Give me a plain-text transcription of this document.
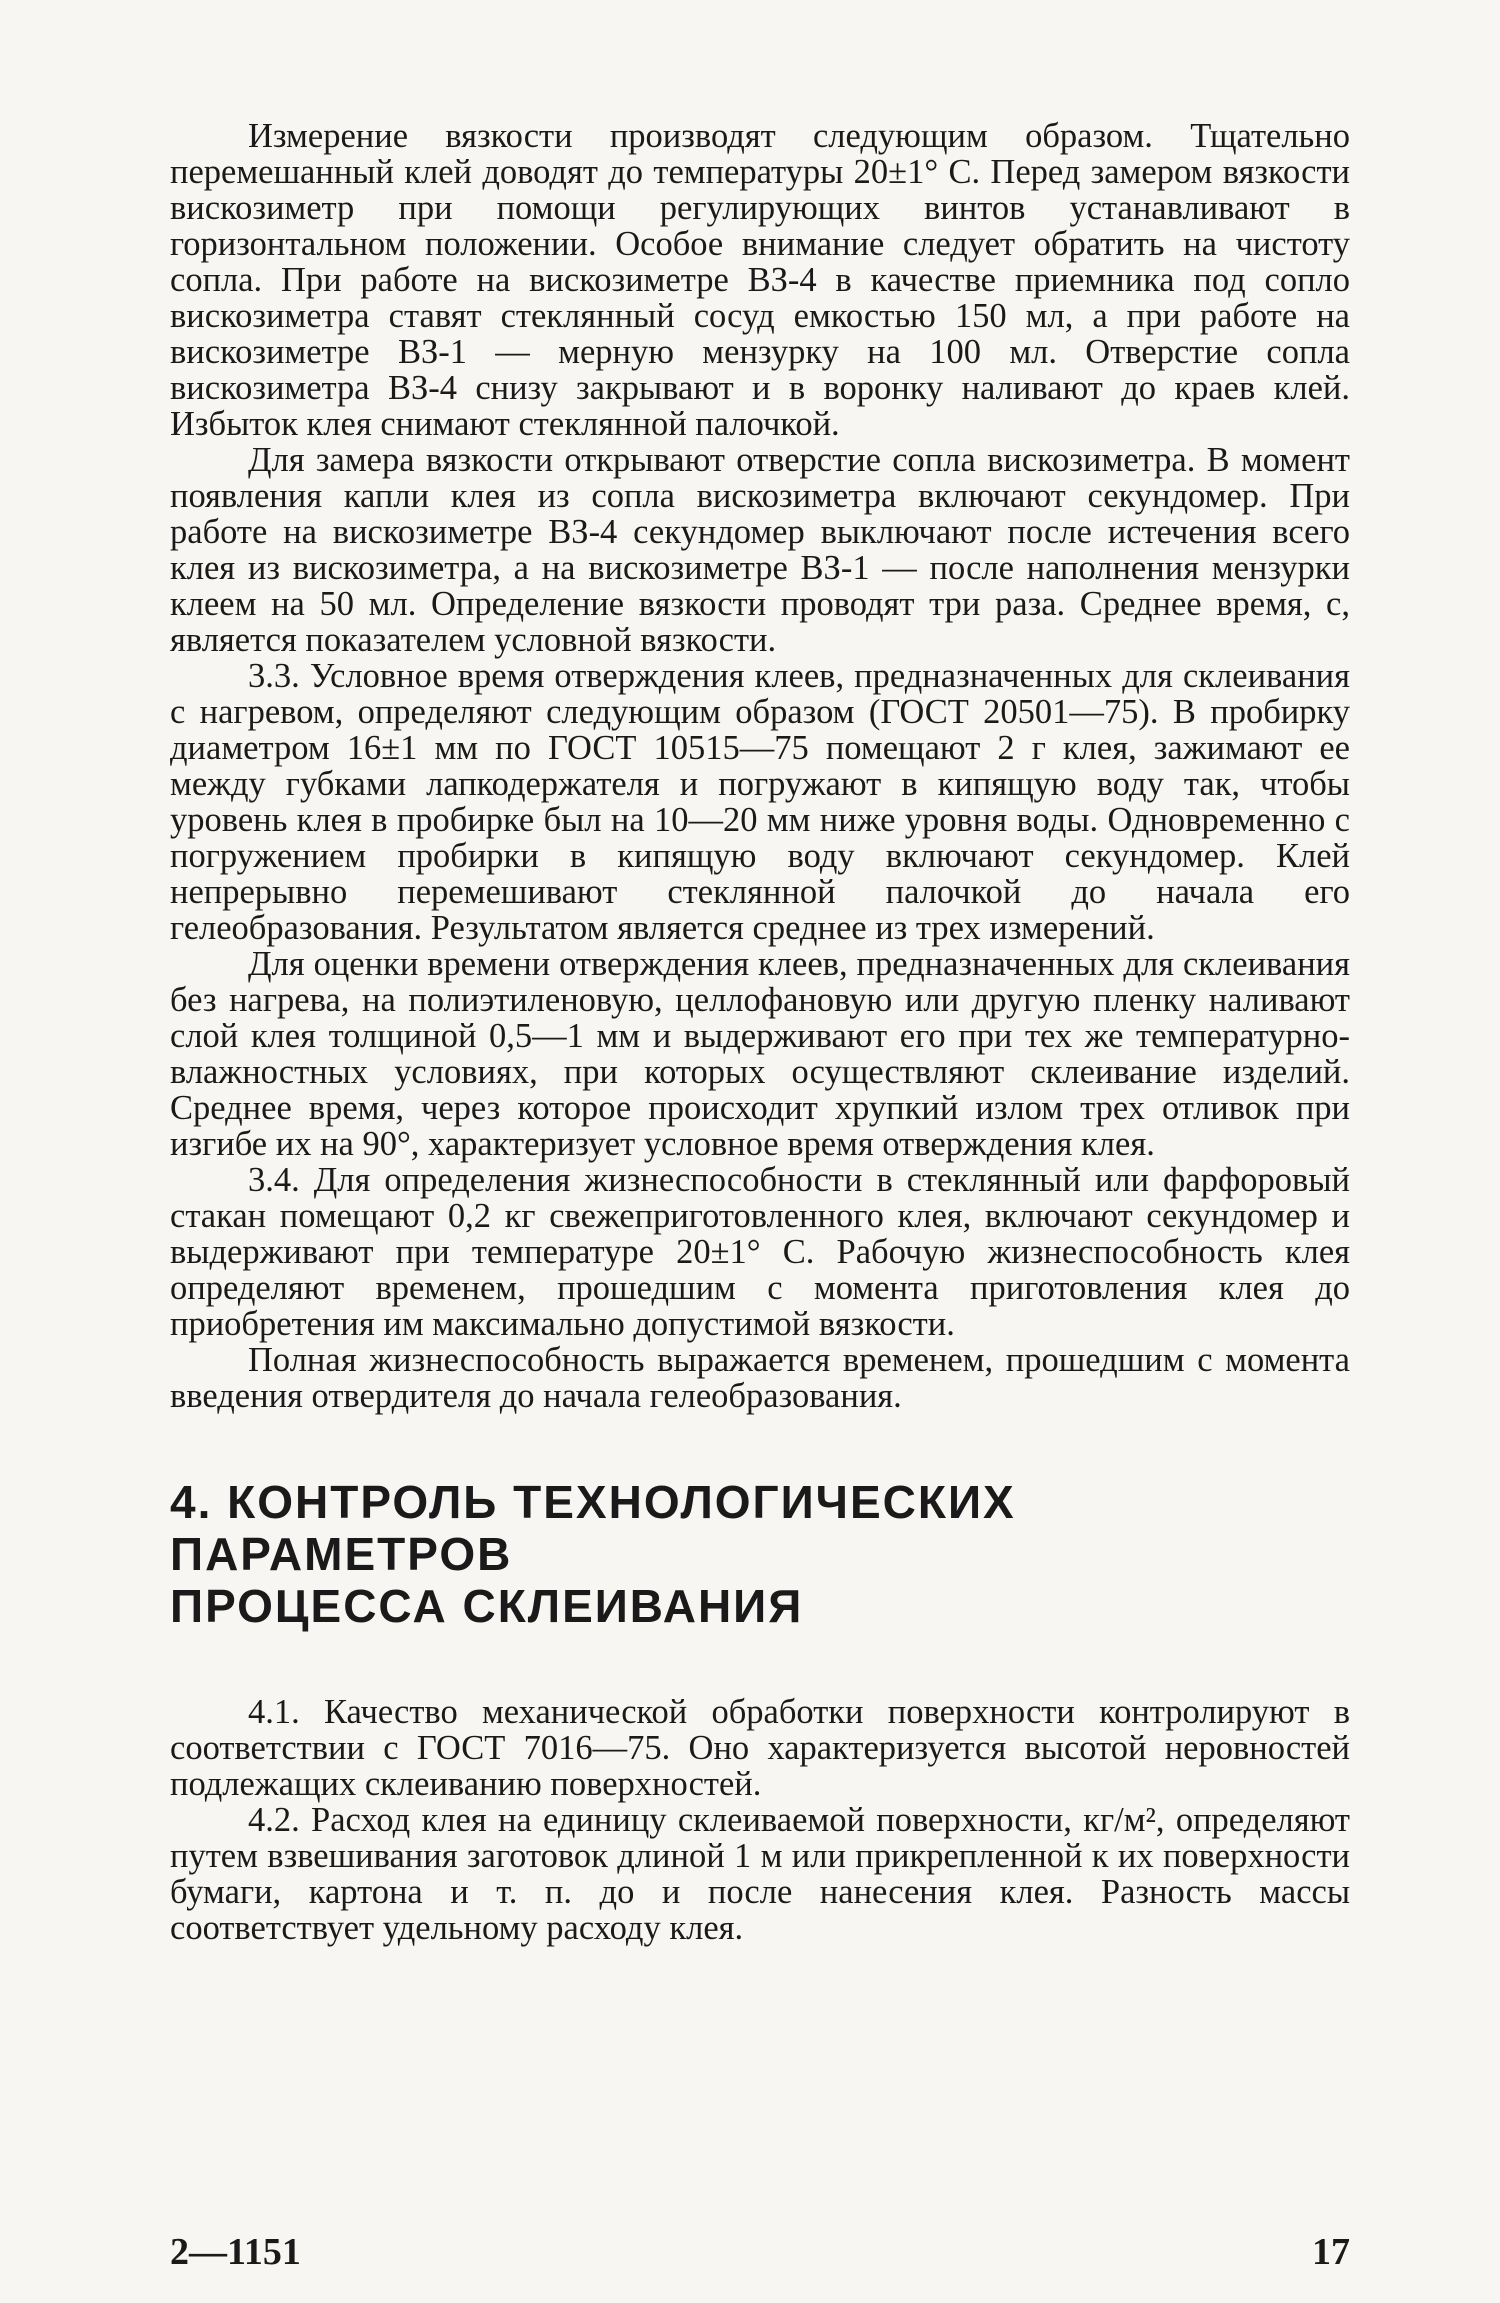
Измерение вязкости производят следующим образом. Тщательно перемешанный клей доводят до температуры 20±1° С. Перед замером вязкости вискозиметр при помощи регулирующих винтов устанавливают в горизонтальном положении. Особое внимание следует обратить на чистоту сопла. При работе на вискозиметре ВЗ-4 в качестве приемника под сопло вискозиметра ставят стеклянный сосуд емкостью 150 мл, а при работе на вискозиметре ВЗ-1 — мерную мензурку на 100 мл. Отверстие сопла вискозиметра ВЗ-4 снизу закрывают и в воронку наливают до краев клей. Избыток клея снимают стеклянной палочкой.

Для замера вязкости открывают отверстие сопла вискозиметра. В момент появления капли клея из сопла вискозиметра включают секундомер. При работе на вискозиметре ВЗ-4 секундомер выключают после истечения всего клея из вискозиметра, а на вискозиметре ВЗ-1 — после наполнения мензурки клеем на 50 мл. Определение вязкости проводят три раза. Среднее время, с, является показателем условной вязкости.

3.3. Условное время отверждения клеев, предназначенных для склеивания с нагревом, определяют следующим образом (ГОСТ 20501—75). В пробирку диаметром 16±1 мм по ГОСТ 10515—75 помещают 2 г клея, зажимают ее между губками лапкодержателя и погружают в кипящую воду так, чтобы уровень клея в пробирке был на 10—20 мм ниже уровня воды. Одновременно с погружением пробирки в кипящую воду включают секундомер. Клей непрерывно перемешивают стеклянной палочкой до начала его гелеобразования. Результатом является среднее из трех измерений.

Для оценки времени отверждения клеев, предназначенных для склеивания без нагрева, на полиэтиленовую, целлофановую или другую пленку наливают слой клея толщиной 0,5—1 мм и выдерживают его при тех же температурно-влажностных условиях, при которых осуществляют склеивание изделий. Среднее время, через которое происходит хрупкий излом трех отливок при изгибе их на 90°, характеризует условное время отверждения клея.

3.4. Для определения жизнеспособности в стеклянный или фарфоровый стакан помещают 0,2 кг свежеприготовленного клея, включают секундомер и выдерживают при температуре 20±1° С. Рабочую жизнеспособность клея определяют временем, прошедшим с момента приготовления клея до приобретения им максимально допустимой вязкости.

Полная жизнеспособность выражается временем, прошедшим с момента введения отвердителя до начала гелеобразования.

4. КОНТРОЛЬ ТЕХНОЛОГИЧЕСКИХ ПАРАМЕТРОВ
ПРОЦЕССА СКЛЕИВАНИЯ

4.1. Качество механической обработки поверхности контролируют в соответствии с ГОСТ 7016—75. Оно характеризуется высотой неровностей подлежащих склеиванию поверхностей.

4.2. Расход клея на единицу склеиваемой поверхности, кг/м², определяют путем взвешивания заготовок длиной 1 м или прикрепленной к их поверхности бумаги, картона и т. п. до и после нанесения клея. Разность массы соответствует удельному расходу клея.

2—1151	17
